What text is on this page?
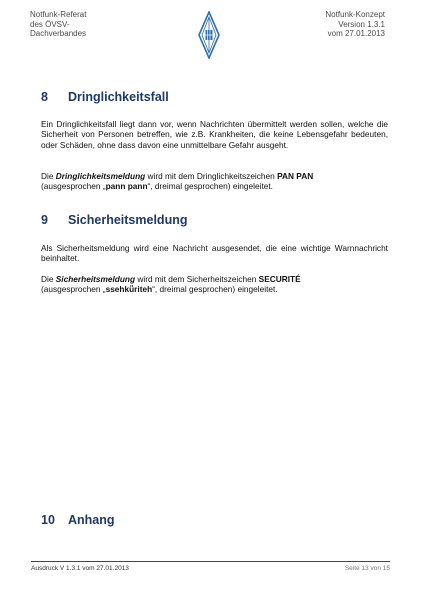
Notfunk-Referat
des ÖVSV-
Dachverbandes
Notfunk-Konzept
Version 1.3.1
vom 27.01.2013
8 Dringlichkeitsfall
Ein Dringlichkeitsfall liegt dann vor, wenn Nachrichten übermittelt werden sollen, welche die Sicherheit von Personen betreffen, wie z.B. Krankheiten, die keine Lebensgefahr bedeuten, oder Schäden, ohne dass davon eine unmittelbare Gefahr ausgeht.
Die Dringlichkeitsmeldung wird mit dem Dringlichkeitszeichen PAN PAN
(ausgesprochen „pann pann“, dreimal gesprochen) eingeleitet.
9 Sicherheitsmeldung
Als Sicherheitsmeldung wird eine Nachricht ausgesendet, die eine wichtige Warnnachricht beinhaltet.
Die Sicherheitsmeldung wird mit dem Sicherheitszeichen SECURITÉ
(ausgesprochen „ssehkü̈riteh“, dreimal gesprochen) eingeleitet.
10 Anhang
Ausdruck V 1.3.1 vom 27.01.2013	Seite 13 von 15
